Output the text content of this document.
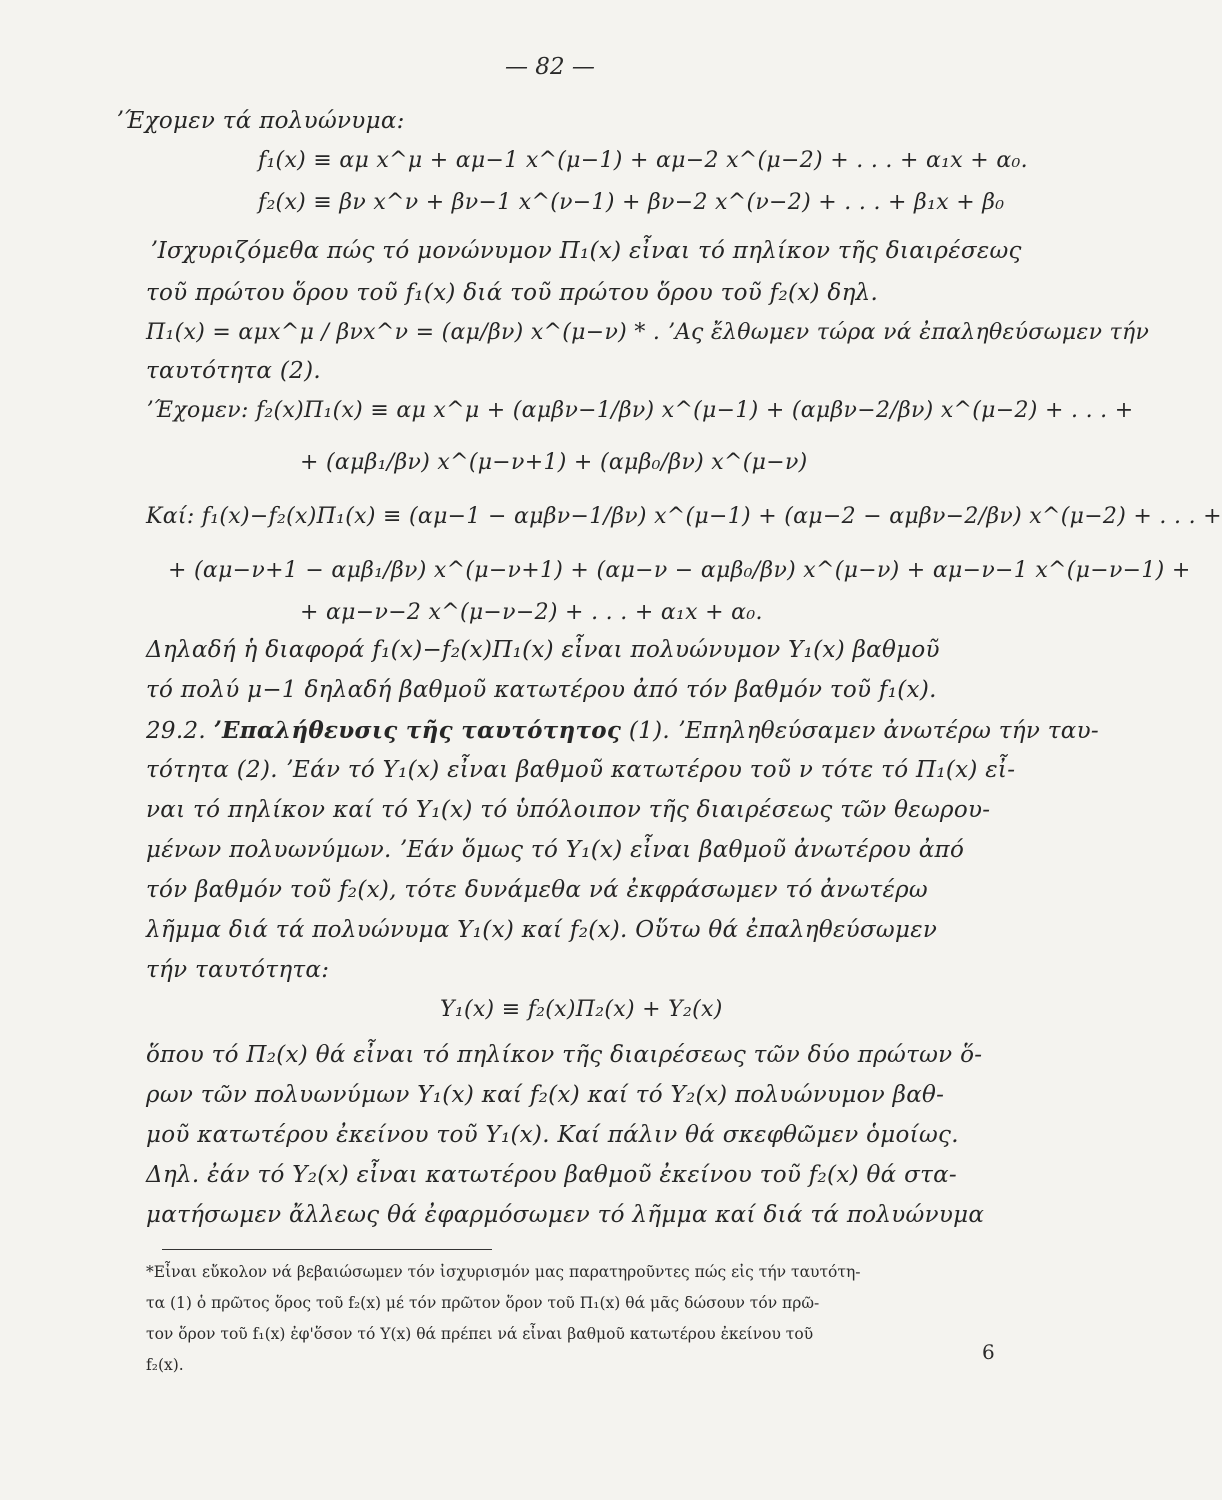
— 82 —
ʼΈχομεν τά πολυώνυμα:
f₁(x) ≡ αμ x^μ + αμ−1 x^(μ−1) + αμ−2 x^(μ−2) + . . . + α₁x + α₀.
f₂(x) ≡ βν x^ν + βν−1 x^(ν−1) + βν−2 x^(ν−2) + . . . + β₁x + β₀
ʼΙσχυριζόμεθα πώς τό μονώνυμον Π₁(x) εἶναι τό πηλίκον τῆς διαιρέσεως
τοῦ πρώτου ὅρου τοῦ f₁(x) διά τοῦ πρώτου ὅρου τοῦ f₂(x) δηλ.
Π₁(x) = αμx^μ / βνx^ν = (αμ/βν) x^(μ−ν) * . ʼΑς ἔλθωμεν τώρα νά ἐπαληθεύσωμεν τήν
ταυτότητα (2).
ʼΈχομεν: f₂(x)Π₁(x) ≡ αμ x^μ + (αμβν−1/βν) x^(μ−1) + (αμβν−2/βν) x^(μ−2) + . . . +
+ (αμβ₁/βν) x^(μ−ν+1) + (αμβ₀/βν) x^(μ−ν)
Καί: f₁(x)−f₂(x)Π₁(x) ≡ (αμ−1 − αμβν−1/βν) x^(μ−1) + (αμ−2 − αμβν−2/βν) x^(μ−2) + . . . +
+ (αμ−ν+1 − αμβ₁/βν) x^(μ−ν+1) + (αμ−ν − αμβ₀/βν) x^(μ−ν) + αμ−ν−1 x^(μ−ν−1) +
+ αμ−ν−2 x^(μ−ν−2) + . . . + α₁x + α₀.
Δηλαδή ἡ διαφορά f₁(x)−f₂(x)Π₁(x) εἶναι πολυώνυμον Υ₁(x) βαθμοῦ
τό πολύ μ−1 δηλαδή βαθμοῦ κατωτέρου ἀπό τόν βαθμόν τοῦ f₁(x).
29.2. ʼΕπαλήθευσις τῆς ταυτότητος (1). ʼΕπηληθεύσαμεν ἀνωτέρω τήν ταυ-
τότητα (2). ʼΕάν τό Υ₁(x) εἶναι βαθμοῦ κατωτέρου τοῦ ν τότε τό Π₁(x) εἶ-
ναι τό πηλίκον καί τό Υ₁(x) τό ὑπόλοιπον τῆς διαιρέσεως τῶν θεωρου-
μένων πολυωνύμων. ʼΕάν ὅμως τό Υ₁(x) εἶναι βαθμοῦ ἀνωτέρου ἀπό
τόν βαθμόν τοῦ f₂(x), τότε δυνάμεθα νά ἐκφράσωμεν τό ἀνωτέρω
λῆμμα διά τά πολυώνυμα Υ₁(x) καί f₂(x). Οὕτω θά ἐπαληθεύσωμεν
τήν ταυτότητα:
Υ₁(x) ≡ f₂(x)Π₂(x) + Υ₂(x)
ὅπου τό Π₂(x) θά εἶναι τό πηλίκον τῆς διαιρέσεως τῶν δύο πρώτων ὅ-
ρων τῶν πολυωνύμων Υ₁(x) καί f₂(x) καί τό Υ₂(x) πολυώνυμον βαθ-
μοῦ κατωτέρου ἐκείνου τοῦ Υ₁(x). Καί πάλιν θά σκεφθῶμεν ὁμοίως.
Δηλ. ἐάν τό Υ₂(x) εἶναι κατωτέρου βαθμοῦ ἐκείνου τοῦ f₂(x) θά στα-
ματήσωμεν ἄλλεως θά ἐφαρμόσωμεν τό λῆμμα καί διά τά πολυώνυμα
*Εἶναι εὔκολον νά βεβαιώσωμεν τόν ἰσχυρισμόν μας παρατηροῦντες πώς εἰς τήν ταυτότη-
τα (1) ὁ πρῶτος ὅρος τοῦ f₂(x) μέ τόν πρῶτον ὅρον τοῦ Π₁(x) θά μᾶς δώσουν τόν πρῶ-
τον ὅρον τοῦ f₁(x) ἐφ'ὅσον τό Υ(x) θά πρέπει νά εἶναι βαθμοῦ κατωτέρου ἐκείνου τοῦ
f₂(x).
6
